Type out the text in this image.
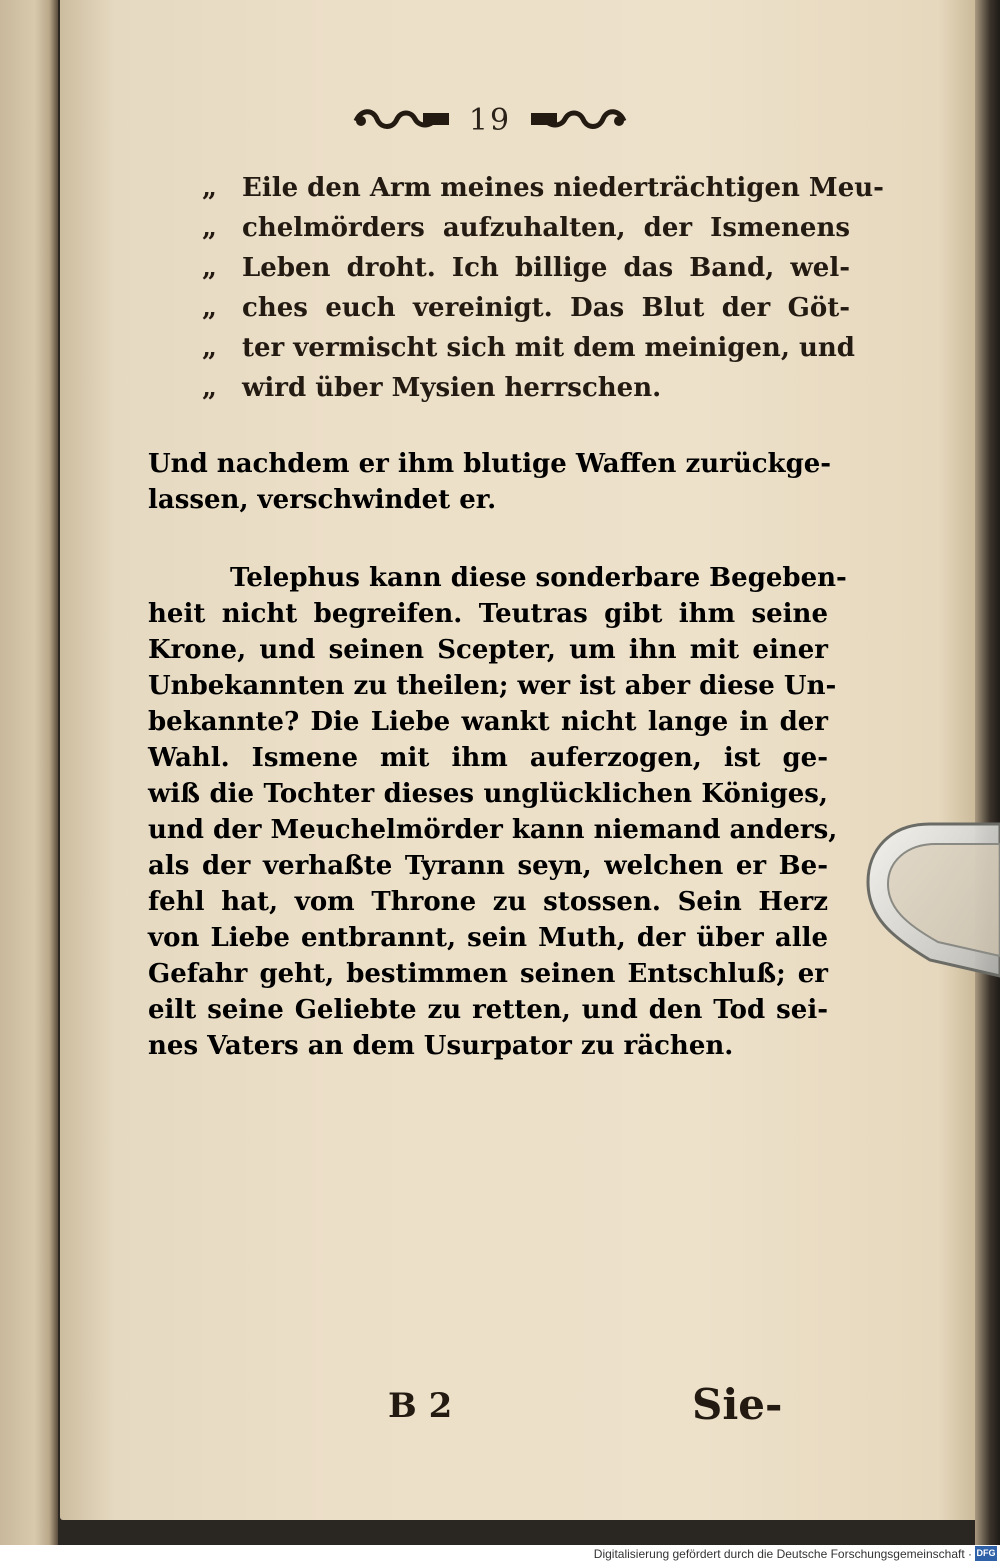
19
„ Eile den Arm meines niederträchtigen Meu-
„ chelmörders aufzuhalten, der Ismenens
„ Leben droht. Ich billige das Band, wel-
„ ches euch vereinigt. Das Blut der Göt-
„ ter vermischt sich mit dem meinigen, und
„ wird über Mysien herrschen.
Und nachdem er ihm blutige Waffen zurückge-
lassen, verschwindet er.
Telephus kann diese sonderbare Begeben-
heit nicht begreifen. Teutras gibt ihm seine
Krone, und seinen Scepter, um ihn mit einer
Unbekannten zu theilen; wer ist aber diese Un-
bekannte? Die Liebe wankt nicht lange in der
Wahl. Ismene mit ihm auferzogen, ist ge-
wiß die Tochter dieses unglücklichen Königes,
und der Meuchelmörder kann niemand anders,
als der verhaßte Tyrann seyn, welchen er Be-
fehl hat, vom Throne zu stossen. Sein Herz
von Liebe entbrannt, sein Muth, der über alle
Gefahr geht, bestimmen seinen Entschluß; er
eilt seine Geliebte zu retten, und den Tod sei-
nes Vaters an dem Usurpator zu rächen.
B 2	Sie-
Digitalisierung gefördert durch die Deutsche Forschungsgemeinschaft · DFG
